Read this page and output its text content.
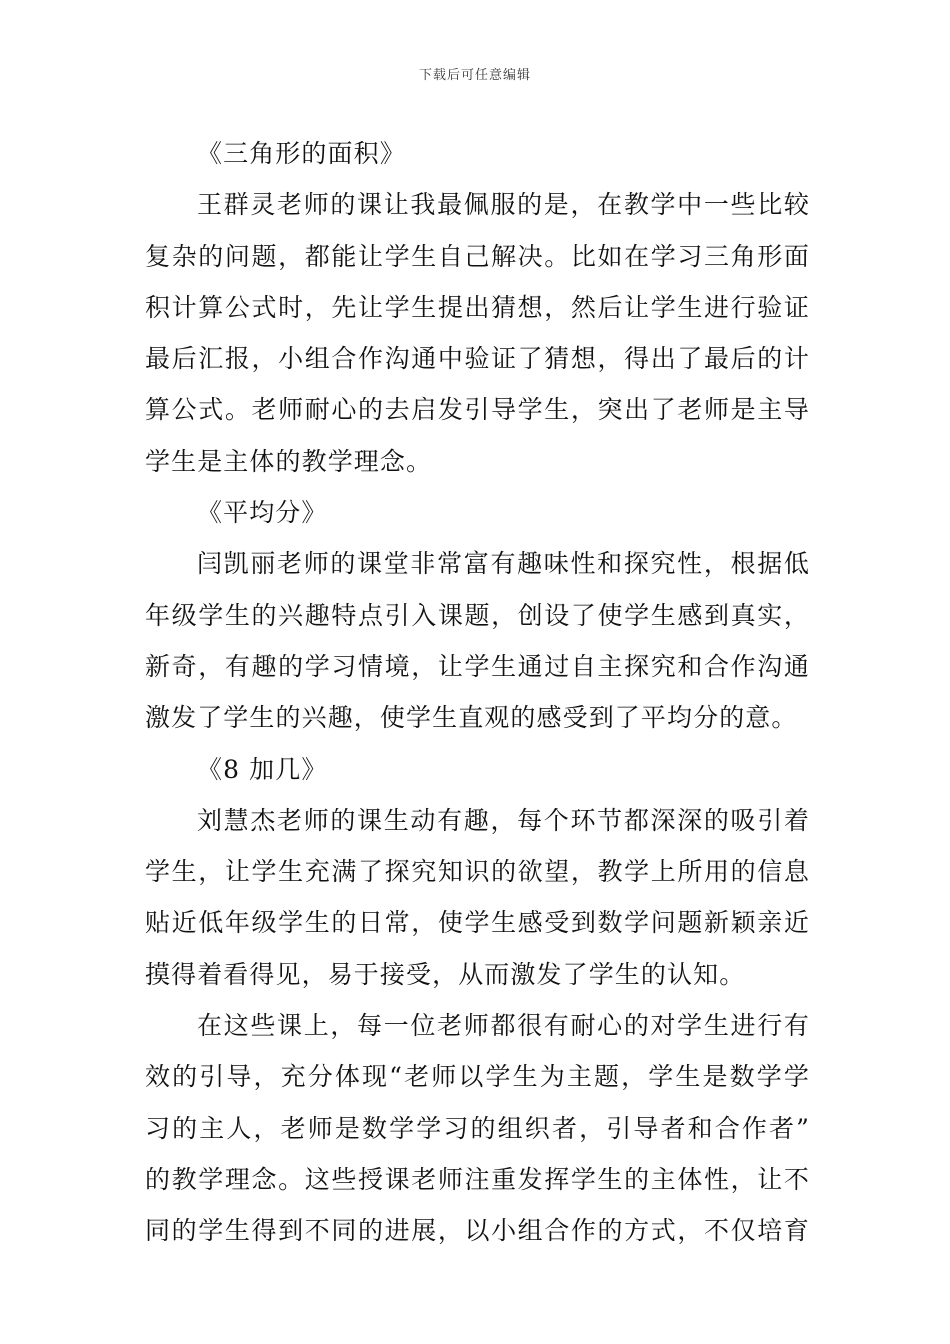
下载后可任意编辑
《三角形的面积》
王群灵老师的课让我最佩服的是，在教学中一些比较
复杂的问题，都能让学生自己解决。比如在学习三角形面
积计算公式时，先让学生提出猜想，然后让学生进行验证
最后汇报，小组合作沟通中验证了猜想，得出了最后的计
算公式。老师耐心的去启发引导学生，突出了老师是主导
学生是主体的教学理念。
《平均分》
闫凯丽老师的课堂非常富有趣味性和探究性，根据低
年级学生的兴趣特点引入课题，创设了使学生感到真实，
新奇，有趣的学习情境，让学生通过自主探究和合作沟通
激发了学生的兴趣，使学生直观的感受到了平均分的意。
《8 加几》
刘慧杰老师的课生动有趣，每个环节都深深的吸引着
学生，让学生充满了探究知识的欲望，教学上所用的信息
贴近低年级学生的日常，使学生感受到数学问题新颖亲近
摸得着看得见，易于接受，从而激发了学生的认知。
在这些课上，每一位老师都很有耐心的对学生进行有
效的引导，充分体现“老师以学生为主题，学生是数学学
习的主人，老师是数学学习的组织者，引导者和合作者”
的教学理念。这些授课老师注重发挥学生的主体性，让不
同的学生得到不同的进展，以小组合作的方式，不仅培育
